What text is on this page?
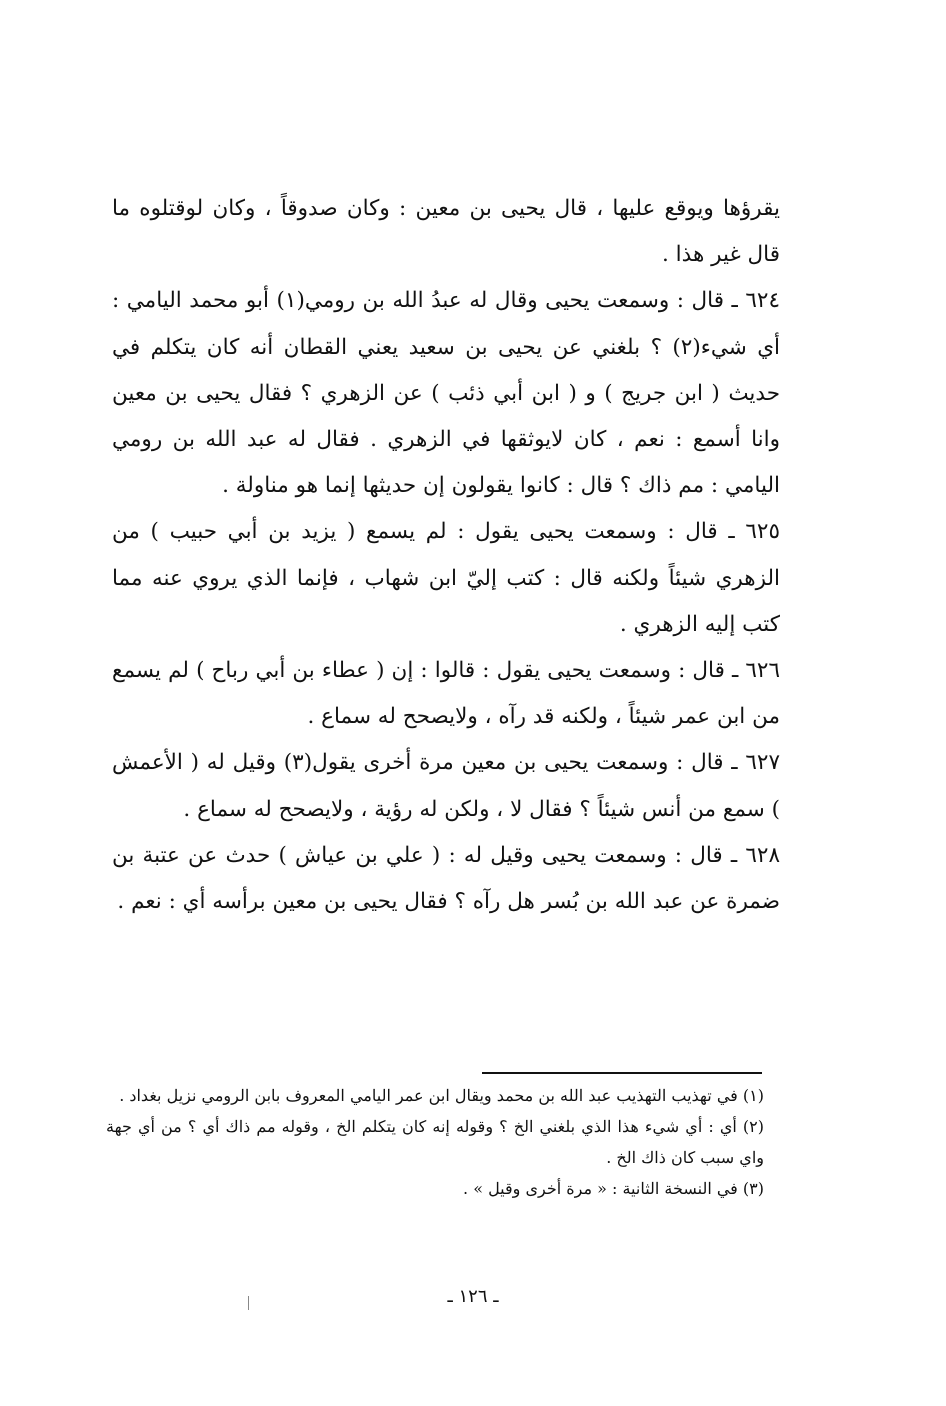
يقرؤها ويوقع عليها ، قال يحيى بن معين : وكان صدوقاً ، وكان لوقتلوه ما قال غير هذا .

٦٢٤ ـ قال : وسمعت يحيى وقال له عبدُ الله بن رومي(١) أبو محمد اليامي : أي شيء(٢) ؟ بلغني عن يحيى بن سعيد يعني القطان أنه كان يتكلم في حديث ( ابن جريج ) و ( ابن أبي ذئب ) عن الزهري ؟ فقال يحيى بن معين وانا أسمع : نعم ، كان لايوثقها في الزهري . فقال له عبد الله بن رومي اليامي : مم ذاك ؟ قال : كانوا يقولون إن حديثها إنما هو مناولة .

٦٢٥ ـ قال : وسمعت يحيى يقول : لم يسمع ( يزيد بن أبي حبيب ) من الزهري شيئاً ولكنه قال : كتب إليّ ابن شهاب ، فإنما الذي يروي عنه مما كتب إليه الزهري .

٦٢٦ ـ قال : وسمعت يحيى يقول : قالوا : إن ( عطاء بن أبي رباح ) لم يسمع من ابن عمر شيئاً ، ولكنه قد رآه ، ولايصحح له سماع .

٦٢٧ ـ قال : وسمعت يحيى بن معين مرة أخرى يقول(٣) وقيل له ( الأعمش ) سمع من أنس شيئاً ؟ فقال لا ، ولكن له رؤية ، ولايصحح له سماع .

٦٢٨ ـ قال : وسمعت يحيى وقيل له : ( علي بن عياش ) حدث عن عتبة بن ضمرة عن عبد الله بن بُسر هل رآه ؟ فقال يحيى بن معين برأسه أي : نعم .

(١) في تهذيب التهذيب عبد الله بن محمد ويقال ابن عمر اليامي المعروف بابن الرومي نزيل بغداد .

(٢) أي : أي شيء هذا الذي بلغني الخ ؟ وقوله إنه كان يتكلم الخ ، وقوله مم ذاك أي ؟ من أي جهة واي سبب كان ذاك الخ .

(٣) في النسخة الثانية : « مرة أخرى وقيل » .

ـ ١٢٦ ـ
